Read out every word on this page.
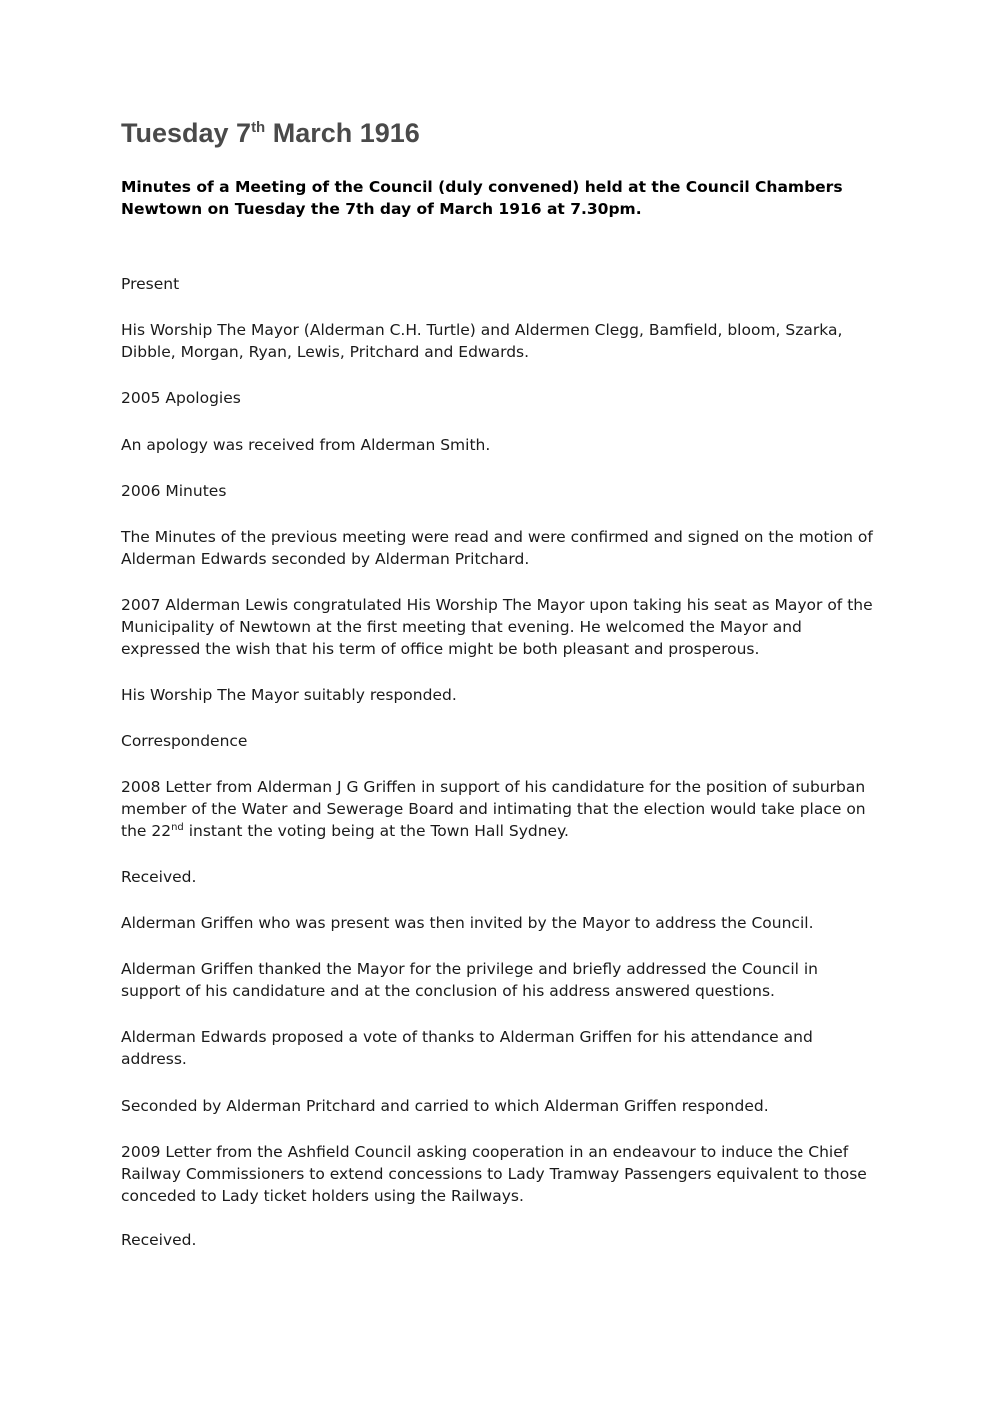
Tuesday 7th March 1916

Minutes of a Meeting of the Council (duly convened) held at the Council Chambers
Newtown on Tuesday the 7th day of March 1916 at 7.30pm.

Present

His Worship The Mayor (Alderman C.H. Turtle) and Aldermen Clegg, Bamfield, bloom, Szarka,
Dibble, Morgan, Ryan, Lewis, Pritchard and Edwards.

2005 Apologies

An apology was received from Alderman Smith.

2006 Minutes

The Minutes of the previous meeting were read and were confirmed and signed on the motion of
Alderman Edwards seconded by Alderman Pritchard.

2007 Alderman Lewis congratulated His Worship The Mayor upon taking his seat as Mayor of the
Municipality of Newtown at the first meeting that evening. He welcomed the Mayor and
expressed the wish that his term of office might be both pleasant and prosperous.

His Worship The Mayor suitably responded.

Correspondence

2008 Letter from Alderman J G Griffen in support of his candidature for the position of suburban
member of the Water and Sewerage Board and intimating that the election would take place on
the 22nd instant the voting being at the Town Hall Sydney.

Received.

Alderman Griffen who was present was then invited by the Mayor to address the Council.

Alderman Griffen thanked the Mayor for the privilege and briefly addressed the Council in
support of his candidature and at the conclusion of his address answered questions.

Alderman Edwards proposed a vote of thanks to Alderman Griffen for his attendance and
address.

Seconded by Alderman Pritchard and carried to which Alderman Griffen responded.

2009 Letter from the Ashfield Council asking cooperation in an endeavour to induce the Chief
Railway Commissioners to extend concessions to Lady Tramway Passengers equivalent to those
conceded to Lady ticket holders using the Railways.

Received.
